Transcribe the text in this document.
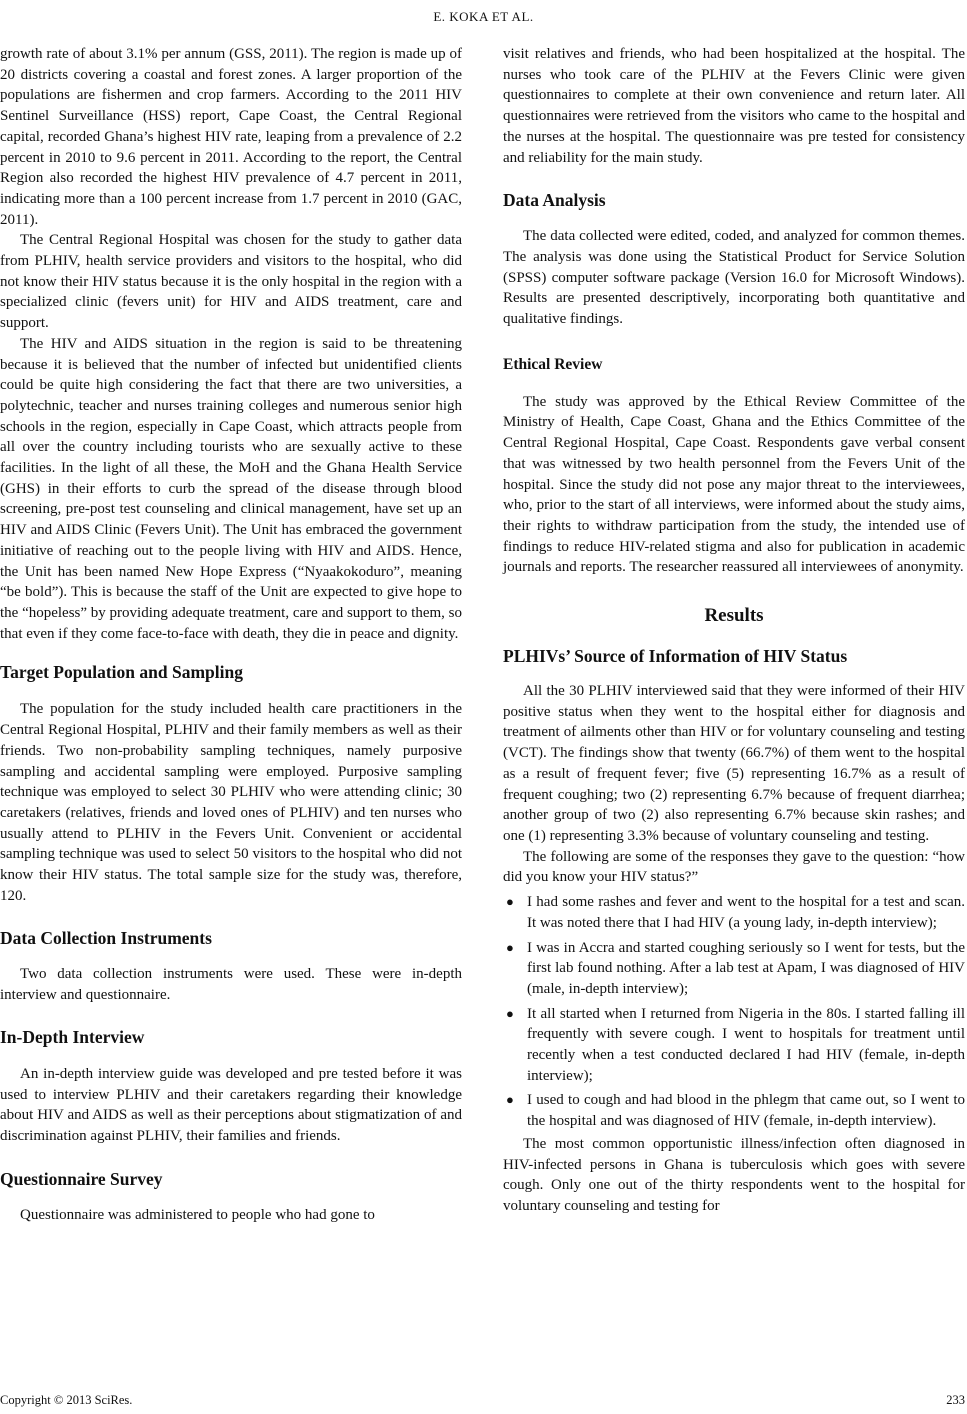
E. KOKA ET AL.

growth rate of about 3.1% per annum (GSS, 2011). The region is made up of 20 districts covering a coastal and forest zones. A larger proportion of the populations are fishermen and crop farmers. According to the 2011 HIV Sentinel Surveillance (HSS) report, Cape Coast, the Central Regional capital, recorded Ghana’s highest HIV rate, leaping from a prevalence of 2.2 percent in 2010 to 9.6 percent in 2011. According to the report, the Central Region also recorded the highest HIV prevalence of 4.7 percent in 2011, indicating more than a 100 percent increase from 1.7 percent in 2010 (GAC, 2011).

The Central Regional Hospital was chosen for the study to gather data from PLHIV, health service providers and visitors to the hospital, who did not know their HIV status because it is the only hospital in the region with a specialized clinic (fevers unit) for HIV and AIDS treatment, care and support.

The HIV and AIDS situation in the region is said to be threatening because it is believed that the number of infected but unidentified clients could be quite high considering the fact that there are two universities, a polytechnic, teacher and nurses training colleges and numerous senior high schools in the region, especially in Cape Coast, which attracts people from all over the country including tourists who are sexually active to these facilities. In the light of all these, the MoH and the Ghana Health Service (GHS) in their efforts to curb the spread of the disease through blood screening, pre-post test counseling and clinical management, have set up an HIV and AIDS Clinic (Fevers Unit). The Unit has embraced the government initiative of reaching out to the people living with HIV and AIDS. Hence, the Unit has been named New Hope Express (“Nyaakokoduro”, meaning “be bold”). This is because the staff of the Unit are expected to give hope to the “hopeless” by providing adequate treatment, care and support to them, so that even if they come face-to-face with death, they die in peace and dignity.

Target Population and Sampling

The population for the study included health care practitioners in the Central Regional Hospital, PLHIV and their family members as well as their friends. Two non-probability sampling techniques, namely purposive sampling and accidental sampling were employed. Purposive sampling technique was employed to select 30 PLHIV who were attending clinic; 30 caretakers (relatives, friends and loved ones of PLHIV) and ten nurses who usually attend to PLHIV in the Fevers Unit. Convenient or accidental sampling technique was used to select 50 visitors to the hospital who did not know their HIV status. The total sample size for the study was, therefore, 120.

Data Collection Instruments

Two data collection instruments were used. These were in-depth interview and questionnaire.

In-Depth Interview

An in-depth interview guide was developed and pre tested before it was used to interview PLHIV and their caretakers regarding their knowledge about HIV and AIDS as well as their perceptions about stigmatization of and discrimination against PLHIV, their families and friends.

Questionnaire Survey

Questionnaire was administered to people who had gone to

visit relatives and friends, who had been hospitalized at the hospital. The nurses who took care of the PLHIV at the Fevers Clinic were given questionnaires to complete at their own convenience and return later. All questionnaires were retrieved from the visitors who came to the hospital and the nurses at the hospital. The questionnaire was pre tested for consistency and reliability for the main study.

Data Analysis

The data collected were edited, coded, and analyzed for common themes. The analysis was done using the Statistical Product for Service Solution (SPSS) computer software package (Version 16.0 for Microsoft Windows). Results are presented descriptively, incorporating both quantitative and qualitative findings.

Ethical Review

The study was approved by the Ethical Review Committee of the Ministry of Health, Cape Coast, Ghana and the Ethics Committee of the Central Regional Hospital, Cape Coast. Respondents gave verbal consent that was witnessed by two health personnel from the Fevers Unit of the hospital. Since the study did not pose any major threat to the interviewees, who, prior to the start of all interviews, were informed about the study aims, their rights to withdraw participation from the study, the intended use of findings to reduce HIV-related stigma and also for publication in academic journals and reports. The researcher reassured all interviewees of anonymity.

Results
PLHIVs’ Source of Information of HIV Status

All the 30 PLHIV interviewed said that they were informed of their HIV positive status when they went to the hospital either for diagnosis and treatment of ailments other than HIV or for voluntary counseling and testing (VCT). The findings show that twenty (66.7%) of them went to the hospital as a result of frequent fever; five (5) representing 16.7% as a result of frequent coughing; two (2) representing 6.7% because of frequent diarrhea; another group of two (2) also representing 6.7% because skin rashes; and one (1) representing 3.3% because of voluntary counseling and testing.

The following are some of the responses they gave to the question: “how did you know your HIV status?”

● I had some rashes and fever and went to the hospital for a test and scan. It was noted there that I had HIV (a young lady, in-depth interview);
● I was in Accra and started coughing seriously so I went for tests, but the first lab found nothing. After a lab test at Apam, I was diagnosed of HIV (male, in-depth interview);
● It all started when I returned from Nigeria in the 80s. I started falling ill frequently with severe cough. I went to hospitals for treatment until recently when a test conducted declared I had HIV (female, in-depth interview);
● I used to cough and had blood in the phlegm that came out, so I went to the hospital and was diagnosed of HIV (female, in-depth interview).

The most common opportunistic illness/infection often diagnosed in HIV-infected persons in Ghana is tuberculosis which goes with severe cough. Only one out of the thirty respondents went to the hospital for voluntary counseling and testing for

Copyright © 2013 SciRes.	233
